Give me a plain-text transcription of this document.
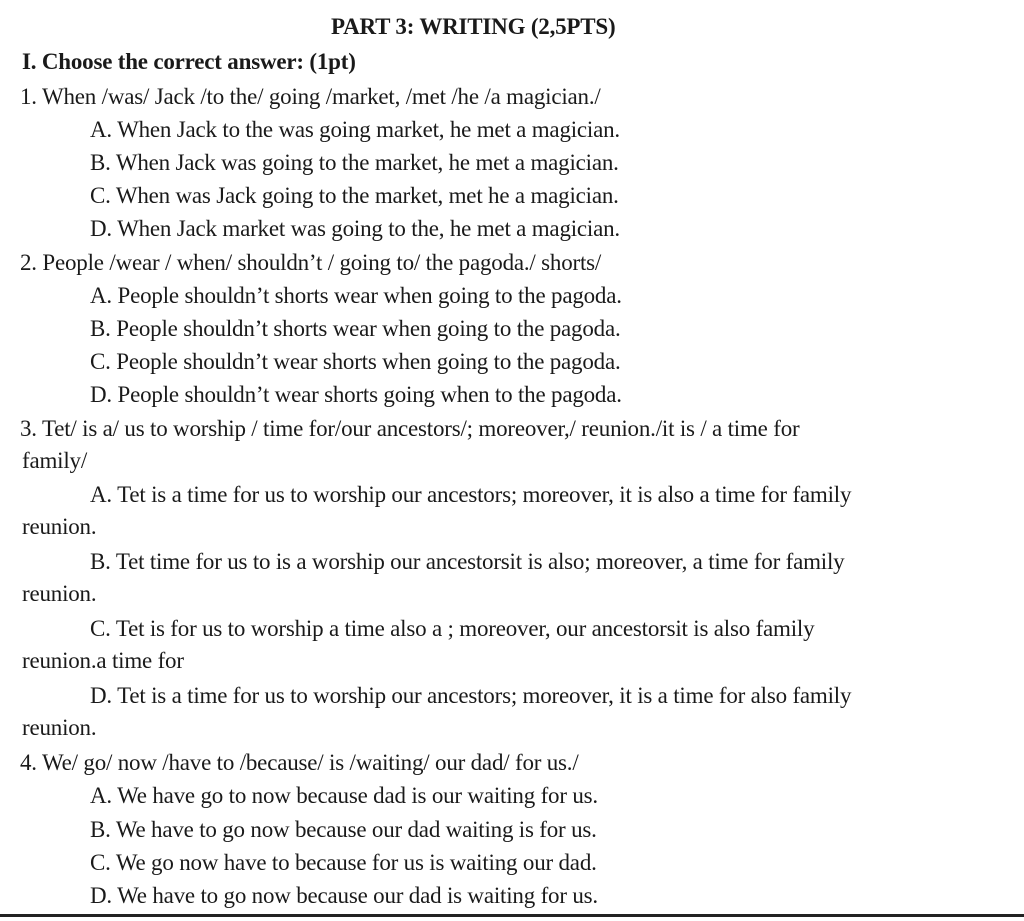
PART 3: WRITING (2,5PTS)
I. Choose the correct answer: (1pt)
1. When /was/ Jack /to the/ going /market, /met /he /a magician./
A. When Jack to the was going market, he met a magician.
B. When Jack was going to the market, he met a magician.
C. When was Jack going to the market, met he a magician.
D. When Jack market was going to the, he met a magician.
2. People /wear / when/ shouldn’t / going to/ the pagoda./ shorts/
A. People shouldn’t shorts wear when going to the pagoda.
B. People shouldn’t shorts wear when going to the pagoda.
C. People shouldn’t wear shorts when going to the pagoda.
D. People shouldn’t wear shorts going when to the pagoda.
3. Tet/ is a/ us to worship / time for/our ancestors/; moreover,/ reunion./it is / a time for
family/
A. Tet is a time for us to worship our ancestors; moreover, it is also a time for family
reunion.
B. Tet time for us to is a worship our ancestorsit is also; moreover, a time for family
reunion.
C. Tet is for us to worship a time also a ; moreover, our ancestorsit is also family
reunion.a time for
D. Tet is a time for us to worship our ancestors; moreover, it is a time for also family
reunion.
4. We/ go/ now /have to /because/ is /waiting/ our dad/ for us./
A. We have go to now because dad is our waiting for us.
B. We have to go now because our dad waiting is for us.
C. We go now have to because for us is waiting our dad.
D. We have to go now because our dad is waiting for us.
